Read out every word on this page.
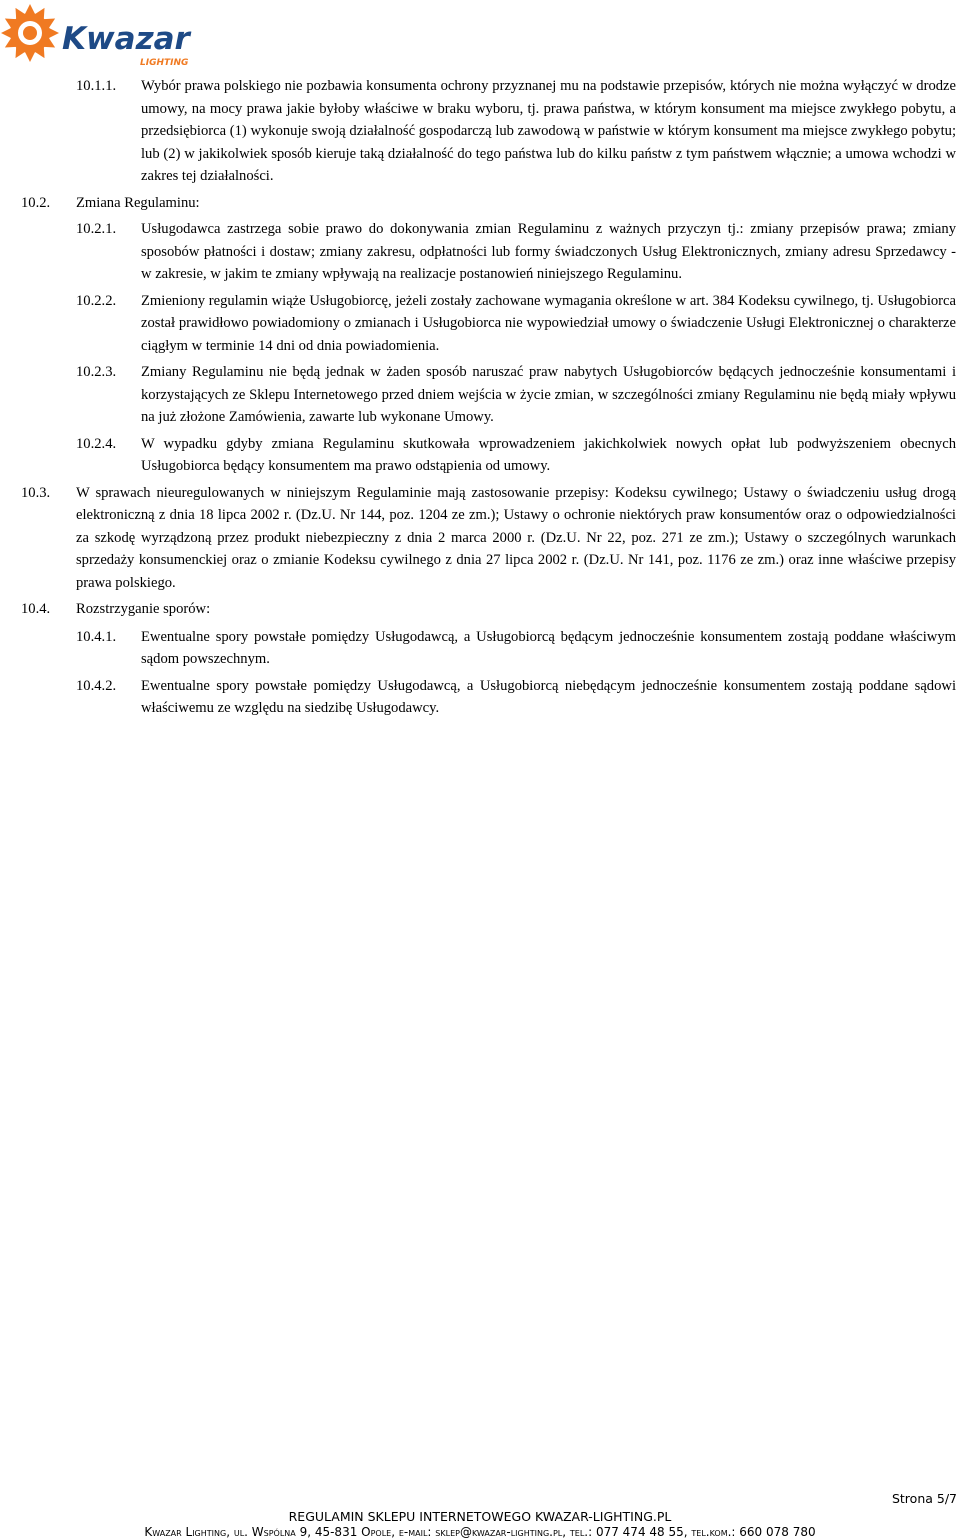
Kwazar
LIGHTING
10.1.1. Wybór prawa polskiego nie pozbawia konsumenta ochrony przyznanej mu na podstawie przepisów, których nie można wyłączyć w drodze umowy, na mocy prawa jakie byłoby właściwe w braku wyboru, tj. prawa państwa, w którym konsument ma miejsce zwykłego pobytu, a przedsiębiorca (1) wykonuje swoją działalność gospodarczą lub zawodową w państwie w którym konsument ma miejsce zwykłego pobytu; lub (2) w jakikolwiek sposób kieruje taką działalność do tego państwa lub do kilku państw z tym państwem włącznie; a umowa wchodzi w zakres tej działalności.
10.2. Zmiana Regulaminu:
10.2.1. Usługodawca zastrzega sobie prawo do dokonywania zmian Regulaminu z ważnych przyczyn tj.: zmiany przepisów prawa; zmiany sposobów płatności i dostaw; zmiany zakresu, odpłatności lub formy świadczonych Usług Elektronicznych, zmiany adresu Sprzedawcy - w zakresie, w jakim te zmiany wpływają na realizacje postanowień niniejszego Regulaminu.
10.2.2. Zmieniony regulamin wiąże Usługobiorcę, jeżeli zostały zachowane wymagania określone w art. 384 Kodeksu cywilnego, tj. Usługobiorca został prawidłowo powiadomiony o zmianach i Usługobiorca nie wypowiedział umowy o świadczenie Usługi Elektronicznej o charakterze ciągłym w terminie 14 dni od dnia powiadomienia.
10.2.3. Zmiany Regulaminu nie będą jednak w żaden sposób naruszać praw nabytych Usługobiorców będących jednocześnie konsumentami i korzystających ze Sklepu Internetowego przed dniem wejścia w życie zmian, w szczególności zmiany Regulaminu nie będą miały wpływu na już złożone Zamówienia, zawarte lub wykonane Umowy.
10.2.4. W wypadku gdyby zmiana Regulaminu skutkowała wprowadzeniem jakichkolwiek nowych opłat lub podwyższeniem obecnych Usługobiorca będący konsumentem ma prawo odstąpienia od umowy.
10.3. W sprawach nieuregulowanych w niniejszym Regulaminie mają zastosowanie przepisy: Kodeksu cywilnego; Ustawy o świadczeniu usług drogą elektroniczną z dnia 18 lipca 2002 r. (Dz.U. Nr 144, poz. 1204 ze zm.); Ustawy o ochronie niektórych praw konsumentów oraz o odpowiedzialności za szkodę wyrządzoną przez produkt niebezpieczny z dnia 2 marca 2000 r. (Dz.U. Nr 22, poz. 271 ze zm.); Ustawy o szczególnych warunkach sprzedaży konsumenckiej oraz o zmianie Kodeksu cywilnego z dnia 27 lipca 2002 r. (Dz.U. Nr 141, poz. 1176 ze zm.) oraz inne właściwe przepisy prawa polskiego.
10.4. Rozstrzyganie sporów:
10.4.1. Ewentualne spory powstałe pomiędzy Usługodawcą, a Usługobiorcą będącym jednocześnie konsumentem zostają poddane właściwym sądom powszechnym.
10.4.2. Ewentualne spory powstałe pomiędzy Usługodawcą, a Usługobiorcą niebędącym jednocześnie konsumentem zostają poddane sądowi właściwemu ze względu na siedzibę Usługodawcy.
Strona 5/7
REGULAMIN SKLEPU INTERNETOWEGO KWAZAR-LIGHTING.PL
Kwazar Lighting, ul. Wspólna 9, 45-831 Opole, e-mail: sklep@kwazar-lighting.pl, tel.: 077 474 48 55, tel.kom.: 660 078 780
